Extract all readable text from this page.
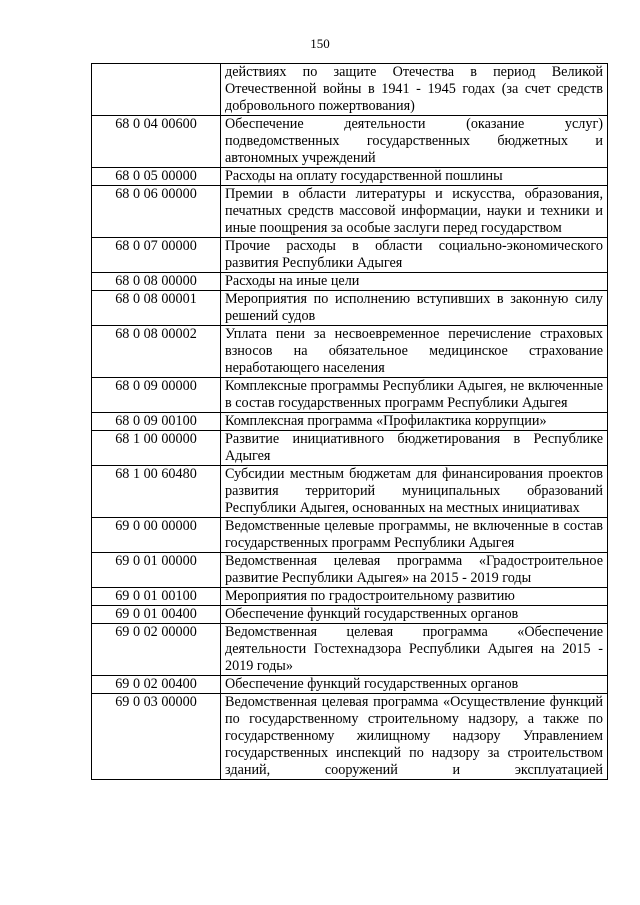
150
	действиях по защите Отечества в период Великой Отечественной войны в 1941 - 1945 годах (за счет средств добровольного пожертвования)
68 0 04 00600	Обеспечение деятельности (оказание услуг) подведомственных государственных бюджетных и автономных учреждений
68 0 05 00000	Расходы на оплату государственной пошлины
68 0 06 00000	Премии в области литературы и искусства, образования, печатных средств массовой информации, науки и техники и иные поощрения за особые заслуги перед государством
68 0 07 00000	Прочие расходы в области социально-экономического развития Республики Адыгея
68 0 08 00000	Расходы на иные цели
68 0 08 00001	Мероприятия по исполнению вступивших в законную силу решений судов
68 0 08 00002	Уплата пени за несвоевременное перечисление страховых взносов на обязательное медицинское страхование неработающего населения
68 0 09 00000	Комплексные программы Республики Адыгея, не включенные в состав государственных программ Республики Адыгея
68 0 09 00100	Комплексная программа «Профилактика коррупции»
68 1 00 00000	Развитие инициативного бюджетирования в Республике Адыгея
68 1 00 60480	Субсидии местным бюджетам для финансирования проектов развития территорий муниципальных образований Республики Адыгея, основанных на местных инициативах
69 0 00 00000	Ведомственные целевые программы, не включенные в состав государственных программ Республики Адыгея
69 0 01 00000	Ведомственная целевая программа «Градостроительное развитие Республики Адыгея» на 2015 - 2019 годы
69 0 01 00100	Мероприятия по градостроительному развитию
69 0 01 00400	Обеспечение функций государственных органов
69 0 02 00000	Ведомственная целевая программа «Обеспечение деятельности Гостехнадзора Республики Адыгея на 2015 - 2019 годы»
69 0 02 00400	Обеспечение функций государственных органов
69 0 03 00000	Ведомственная целевая программа «Осуществление функций по государственному строительному надзору, а также по государственному жилищному надзору Управлением государственных инспекций по надзору за строительством зданий, сооружений и эксплуатацией
